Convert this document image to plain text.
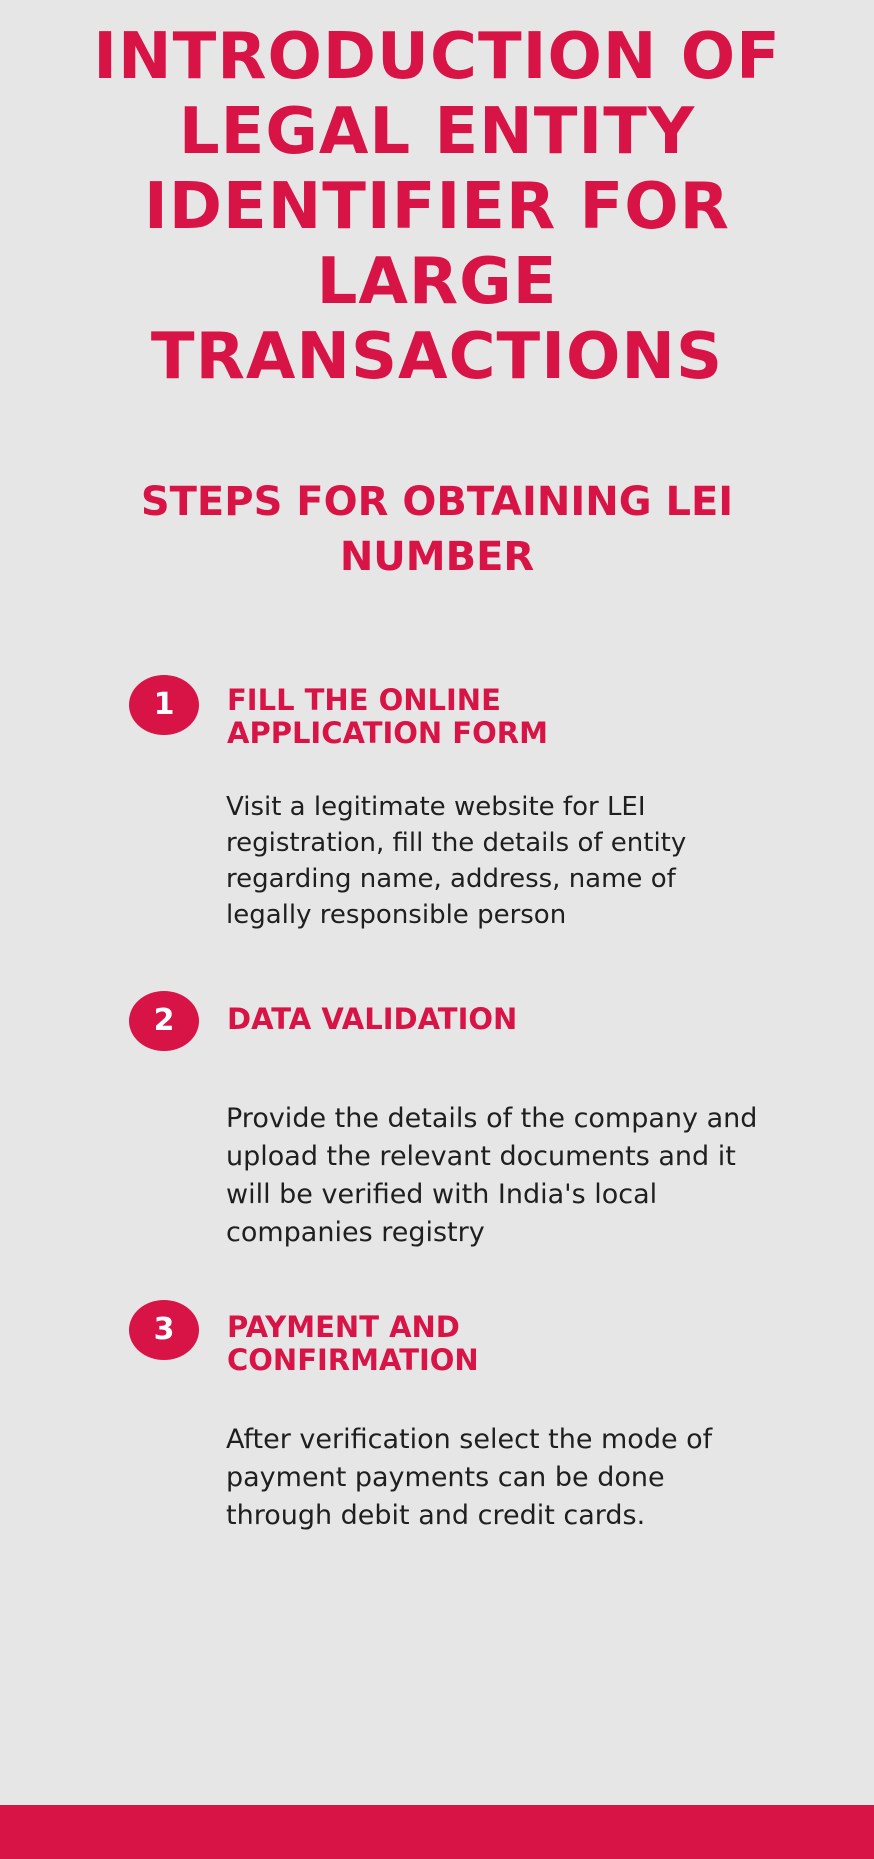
INTRODUCTION OF LEGAL ENTITY IDENTIFIER FOR LARGE TRANSACTIONS
STEPS FOR OBTAINING LEI NUMBER
1	FILL THE ONLINE APPLICATION FORM

Visit a legitimate website for LEI registration, fill the details of entity regarding name, address, name of legally responsible person

2	DATA VALIDATION

Provide the details of the company and upload the relevant documents and it will be verified with India's local companies registry

3	PAYMENT AND CONFIRMATION

After verification select the mode of payment payments can be done through debit and credit cards.
